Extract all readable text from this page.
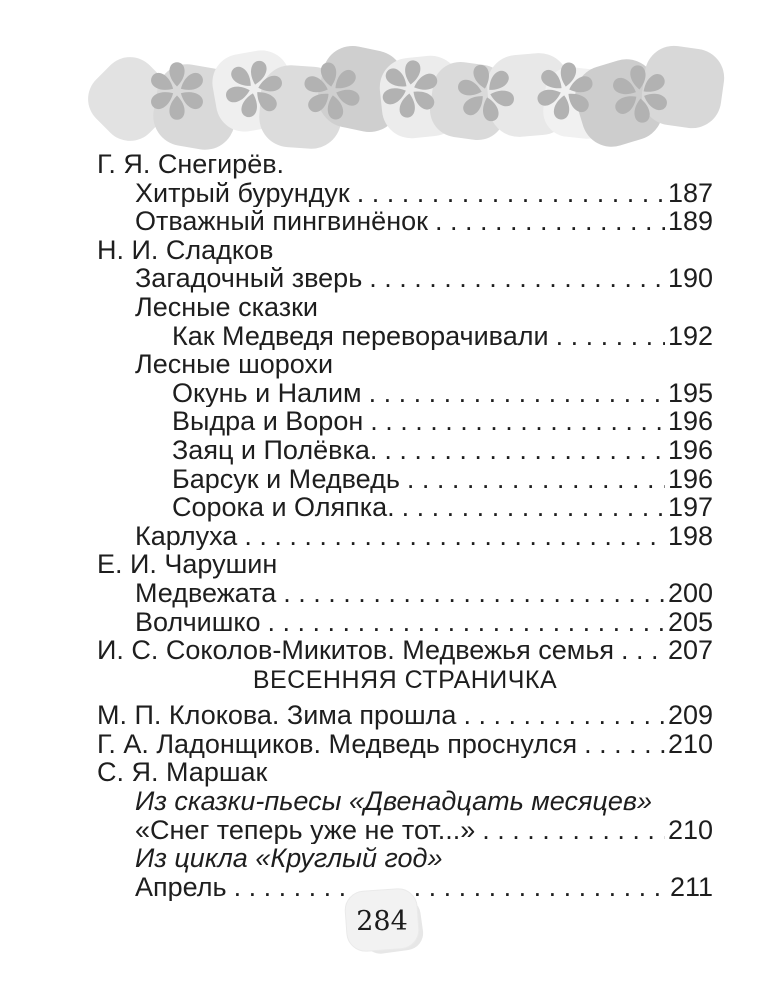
Г. Я. Снегирёв.
Хитрый бурундук . . .	187
Отважный пингвинёнок . . .	189
Н. И. Сладков
Загадочный зверь . . .	190
Лесные сказки
Как Медведя переворачивали . . .	192
Лесные шорохи
Окунь и Налим . . .	195
Выдра и Ворон . . .	196
Заяц и Полёвка. . . .	196
Барсук и Медведь . . .	196
Сорока и Оляпка. . . .	197
Карлуха . . .	198
Е. И. Чарушин
Медвежата . . .	200
Волчишко . . .	205
И. С. Соколов-Микитов. Медвежья семья . . . 207
ВЕСЕННЯЯ СТРАНИЧКА
М. П. Клокова. Зима прошла . . .	209
Г. А. Ладонщиков. Медведь проснулся . . .	210
С. Я. Маршак
Из сказки-пьесы «Двенадцать месяцев»
«Снег теперь уже не тот...» . . .	210
Из цикла «Круглый год»
Апрель . . .	211
284
